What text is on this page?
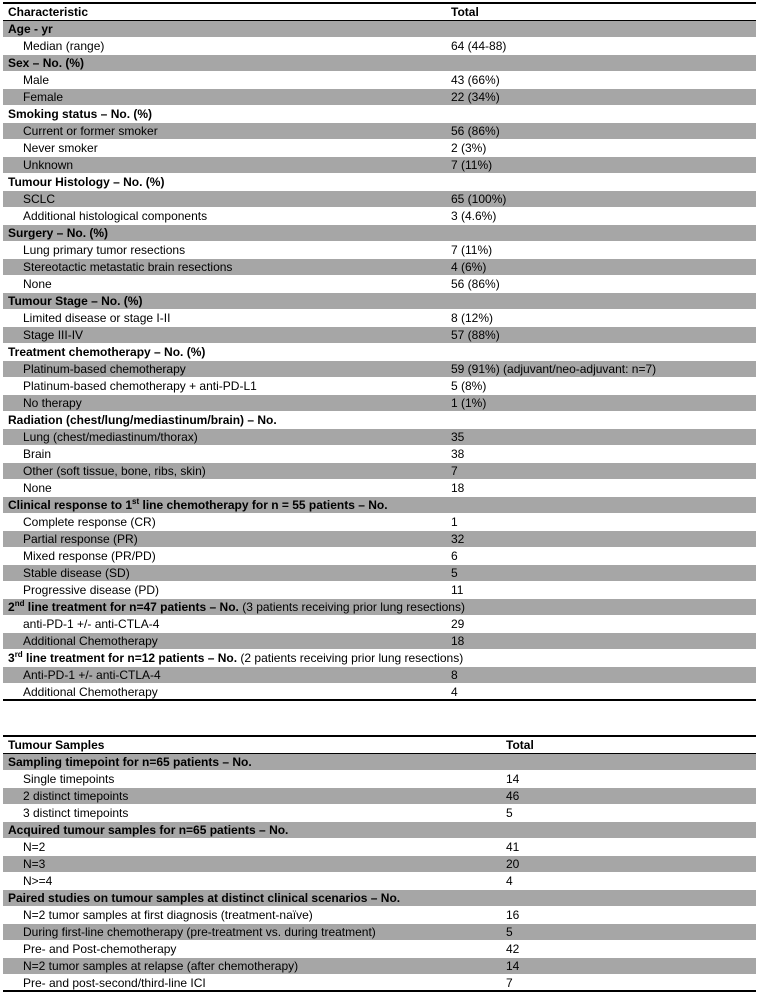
Characteristic	Total
Age - yr
Median (range)	64 (44-88)
Sex – No. (%)
Male	43 (66%)
Female	22 (34%)
Smoking status – No. (%)
Current or former smoker	56 (86%)
Never smoker	2 (3%)
Unknown	7 (11%)
Tumour Histology – No. (%)
SCLC	65 (100%)
Additional histological components	3 (4.6%)
Surgery – No. (%)
Lung primary tumor resections	7 (11%)
Stereotactic metastatic brain resections	4 (6%)
None	56 (86%)
Tumour Stage – No. (%)
Limited disease or stage I-II	8 (12%)
Stage III-IV	57 (88%)
Treatment chemotherapy – No. (%)
Platinum-based chemotherapy	59 (91%) (adjuvant/neo-adjuvant: n=7)
Platinum-based chemotherapy + anti-PD-L1	5 (8%)
No therapy	1 (1%)
Radiation (chest/lung/mediastinum/brain) – No.
Lung (chest/mediastinum/thorax)	35
Brain	38
Other (soft tissue, bone, ribs, skin)	7
None	18
Clinical response to 1st line chemotherapy for n = 55 patients – No.
Complete response (CR)	1
Partial response (PR)	32
Mixed response (PR/PD)	6
Stable disease (SD)	5
Progressive disease (PD)	11
2nd line treatment for n=47 patients – No. (3 patients receiving prior lung resections)
anti-PD-1 +/- anti-CTLA-4	29
Additional Chemotherapy	18
3rd line treatment for n=12 patients – No. (2 patients receiving prior lung resections)
Anti-PD-1 +/- anti-CTLA-4	8
Additional Chemotherapy	4
Tumour Samples	Total
Sampling timepoint for n=65 patients – No.
Single timepoints	14
2 distinct timepoints	46
3 distinct timepoints	5
Acquired tumour samples for n=65 patients – No.
N=2	41
N=3	20
N>=4	4
Paired studies on tumour samples at distinct clinical scenarios – No.
N=2 tumor samples at first diagnosis (treatment-naïve)	16
During first-line chemotherapy (pre-treatment vs. during treatment)	5
Pre- and Post-chemotherapy	42
N=2 tumor samples at relapse (after chemotherapy)	14
Pre- and post-second/third-line ICI	7
